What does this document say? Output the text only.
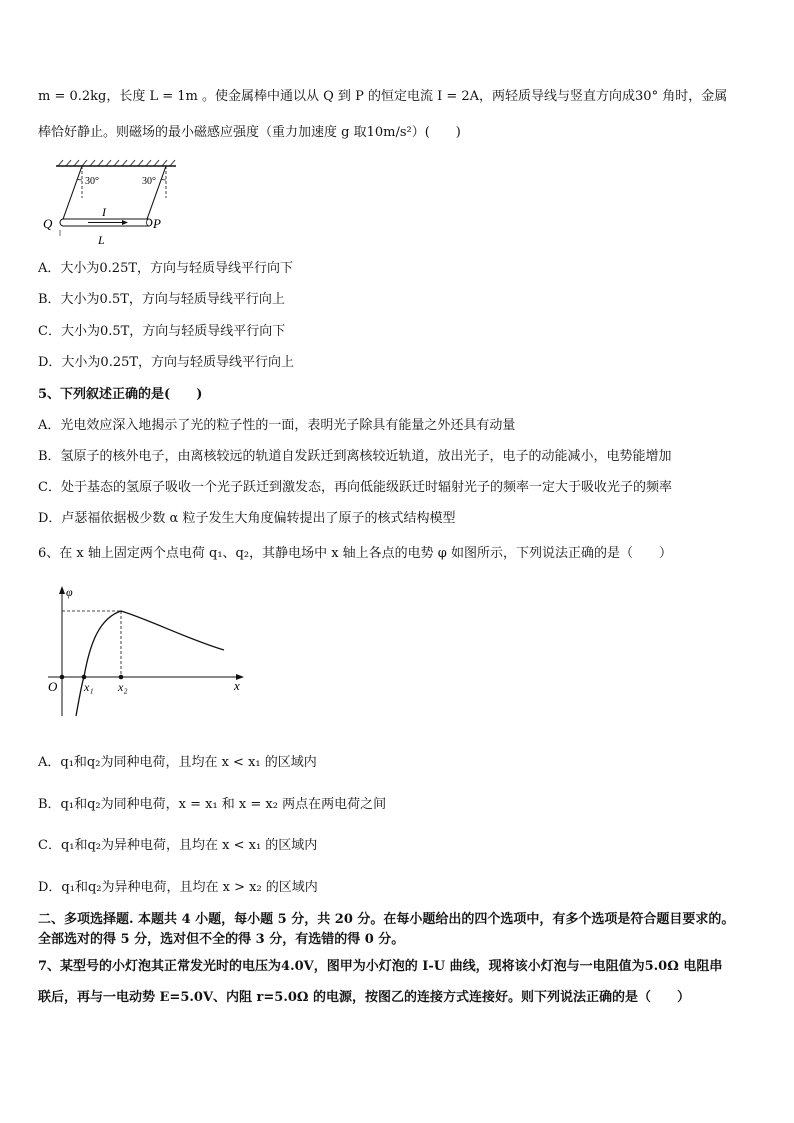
m = 0.2kg，长度 L = 1m 。使金属棒中通以从 Q 到 P 的恒定电流 I = 2A，两轻质导线与竖直方向成30° 角时，金属
棒恰好静止。则磁场的最小磁感应强度（重力加速度 g 取10m/s²）(　　)
30°	30°
I
Q	P
L
A．大小为0.25T，方向与轻质导线平行向下
B．大小为0.5T，方向与轻质导线平行向上
C．大小为0.5T，方向与轻质导线平行向下
D．大小为0.25T，方向与轻质导线平行向上
5、下列叙述正确的是(　　)
A．光电效应深入地揭示了光的粒子性的一面，表明光子除具有能量之外还具有动量
B．氢原子的核外电子，由离核较远的轨道自发跃迁到离核较近轨道，放出光子，电子的动能减小，电势能增加
C．处于基态的氢原子吸收一个光子跃迁到激发态，再向低能级跃迁时辐射光子的频率一定大于吸收光子的频率
D．卢瑟福依据极少数 α 粒子发生大角度偏转提出了原子的核式结构模型
6、在 x 轴上固定两个点电荷 q₁、q₂，其静电场中 x 轴上各点的电势 φ 如图所示，下列说法正确的是（　　）
φ
x
O x₁ x₂
A．q₁和q₂为同种电荷，且均在 x < x₁ 的区域内
B．q₁和q₂为同种电荷，x = x₁ 和 x = x₂ 两点在两电荷之间
C．q₁和q₂为异种电荷，且均在 x < x₁ 的区域内
D．q₁和q₂为异种电荷，且均在 x > x₂ 的区域内
二、多项选择题. 本题共 4 小题，每小题 5 分，共 20 分。在每小题给出的四个选项中，有多个选项是符合题目要求的。
全部选对的得 5 分，选对但不全的得 3 分，有选错的得 0 分。
7、某型号的小灯泡其正常发光时的电压为4.0V，图甲为小灯泡的 I-U 曲线，现将该小灯泡与一电阻值为5.0Ω 电阻串
联后，再与一电动势 E=5.0V、内阻 r=5.0Ω 的电源，按图乙的连接方式连接好。则下列说法正确的是（　　）
